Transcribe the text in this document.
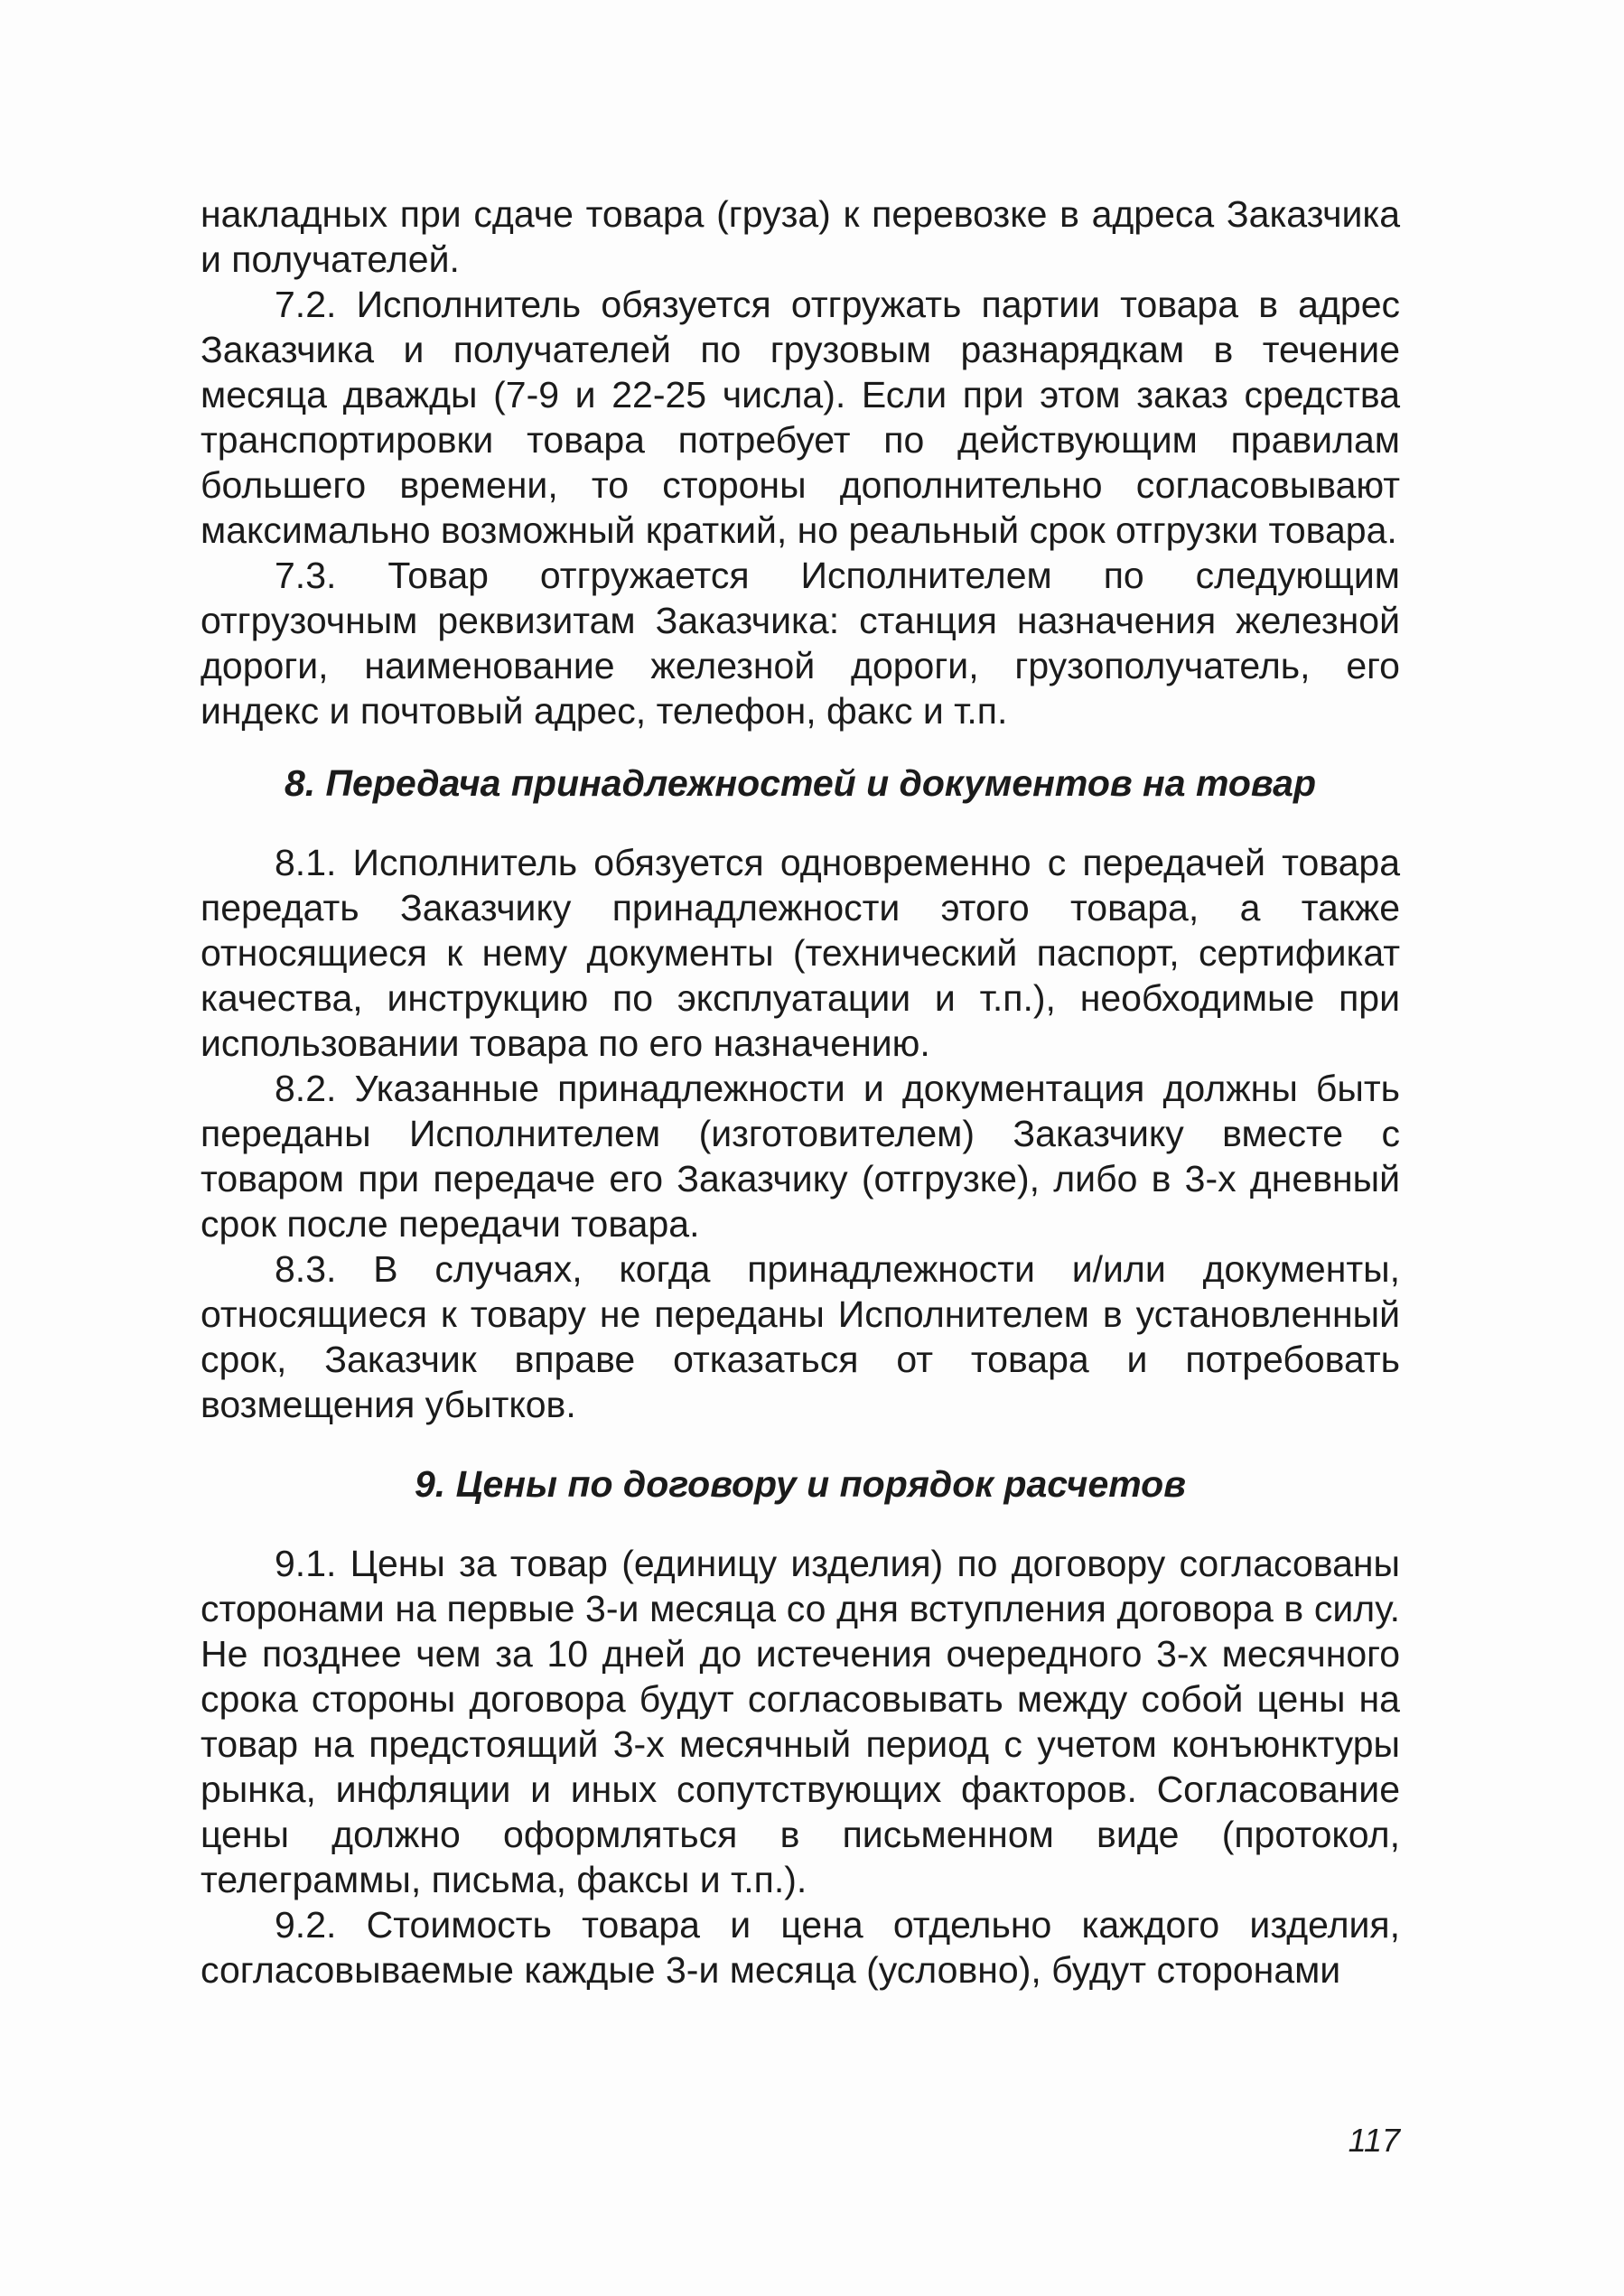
накладных при сдаче товара (груза) к перевозке в адреса Заказчика и получателей.

7.2. Исполнитель обязуется отгружать партии товара в адрес Заказчика и получателей по грузовым разнарядкам в течение месяца дважды (7-9 и 22-25 числа). Если при этом заказ средства транспортировки товара потребует по действующим правилам большего времени, то стороны дополнительно согласовывают максимально возможный краткий, но реальный срок отгрузки товара.

7.3. Товар отгружается Исполнителем по следующим отгрузочным реквизитам Заказчика: станция назначения железной дороги, наименование железной дороги, грузополучатель, его индекс и почтовый адрес, телефон, факс и т.п.

8. Передача принадлежностей и документов на товар

8.1. Исполнитель обязуется одновременно с передачей товара передать Заказчику принадлежности этого товара, а также относящиеся к нему документы (технический паспорт, сертификат качества, инструкцию по эксплуатации и т.п.), необходимые при использовании товара по его назначению.

8.2. Указанные принадлежности и документация должны быть переданы Исполнителем (изготовителем) Заказчику вместе с товаром при передаче его Заказчику (отгрузке), либо в 3-х дневный срок после передачи товара.

8.3. В случаях, когда принадлежности и/или документы, относящиеся к товару не переданы Исполнителем в установленный срок, Заказчик вправе отказаться от товара и потребовать возмещения убытков.

9. Цены по договору и порядок расчетов

9.1. Цены за товар (единицу изделия) по договору согласованы сторонами на первые 3-и месяца со дня вступления договора в силу. Не позднее чем за 10 дней до истечения очередного 3-х месячного срока стороны договора будут согласовывать между собой цены на товар на предстоящий 3-х месячный период с учетом конъюнктуры рынка, инфляции и иных сопутствующих факторов. Согласование цены должно оформляться в письменном виде (протокол, телеграммы, письма, факсы и т.п.).

9.2. Стоимость товара и цена отдельно каждого изделия, согласовываемые каждые 3-и месяца (условно), будут сторонами

117
